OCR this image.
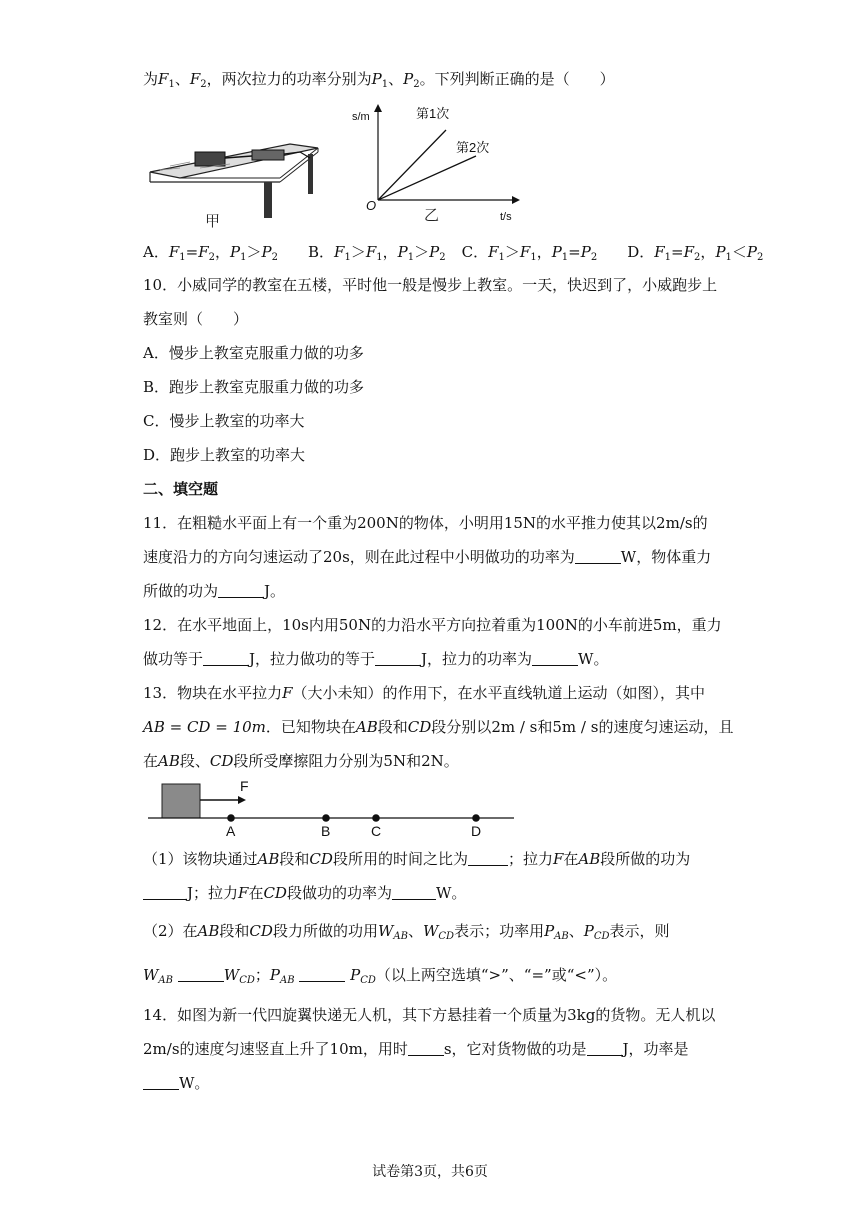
为$F_1$、$F_2$，两次拉力的功率分别为$P_1$、$P_2$。下列判断正确的是（　　）
甲
s/m
t/s
O
第1次
第2次
乙
A．$F_1=F_2$，$P_1>P_2$ B．$F_1>F_1$，$P_1>P_2$ C．$F_1>F_1$，$P_1=P_2$ D．$F_1=F_2$，$P_1<P_2$
10．小威同学的教室在五楼，平时他一般是慢步上教室。一天，快迟到了，小威跑步上
教室则（　　）
A．慢步上教室克服重力做的功多
B．跑步上教室克服重力做的功多
C．慢步上教室的功率大
D．跑步上教室的功率大
二、填空题
11．在粗糙水平面上有一个重为200N的物体，小明用15N的水平推力使其以2m/s的
速度沿力的方向匀速运动了20s，则在此过程中小明做功的功率为	W，物体重力
所做的功为	J。
12．在水平地面上，10s内用50N的力沿水平方向拉着重为100N的小车前进5m，重力
做功等于	J，拉力做功的等于	J，拉力的功率为	W。
13．物块在水平拉力F（大小未知）的作用下，在水平直线轨道上运动（如图），其中
AB = CD = 10m．已知物块在AB段和CD段分别以2m / s和5m / s的速度匀速运动，且
在AB段、CD段所受摩擦阻力分别为5N和2N。
F
A	B	C	D
（1）该物块通过AB段和CD段所用的时间之比为	；拉力F在AB段所做的功为
J；拉力F在CD段做功的功率为	W。
（2）在AB段和CD段力所做的功用$W_{AB}$、$W_{CD}$表示；功率用$P_{AB}$、$P_{CD}$表示，则
$W_{AB}$	$W_{CD}$；$P_{AB}$	$P_{CD}$（以上两空选填“>”、“=”或“<”）。
14．如图为新一代四旋翼快递无人机，其下方悬挂着一个质量为3kg的货物。无人机以
2m/s的速度匀速竖直上升了10m，用时 s，它对货物做的功是 J，功率是
W。
试卷第3页，共6页
